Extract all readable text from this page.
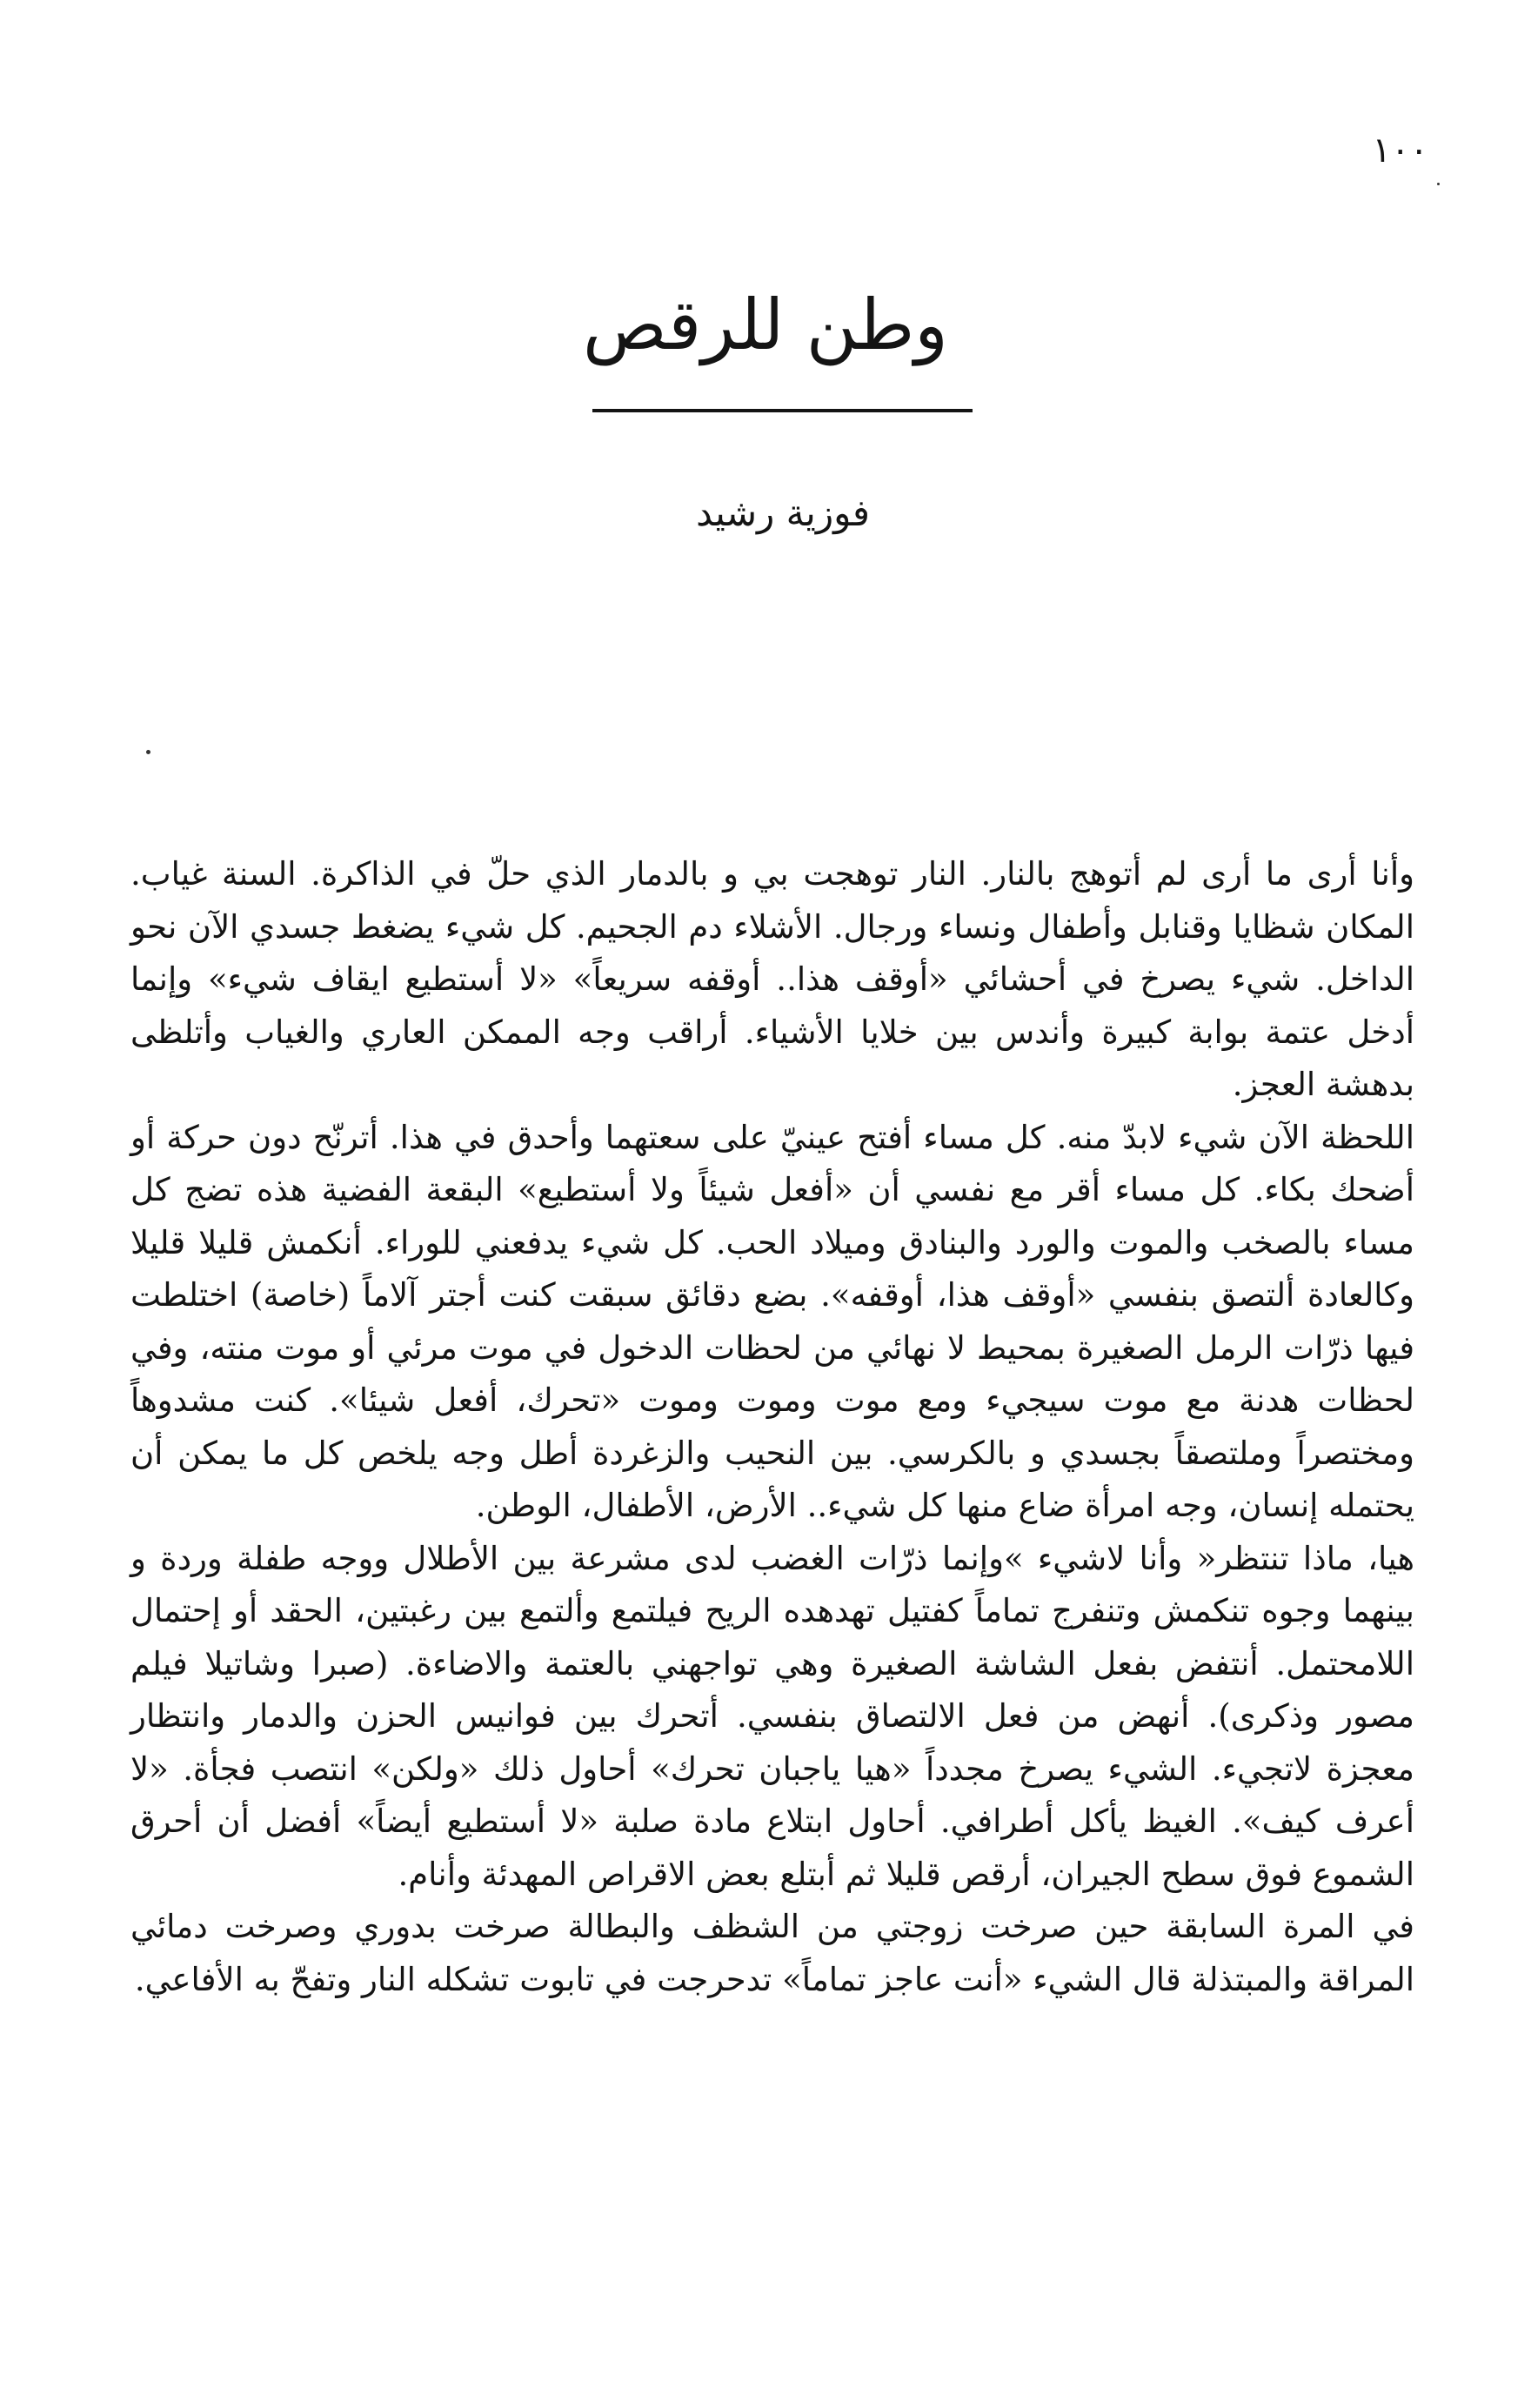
١٠٠
وطن للرقص
فوزية رشيد

وأنا أرى ما أرى لم أتوهج بالنار. النار توهجت بي و بالدمار الذي حلّ في الذاكرة. السنة غياب. المكان شظايا وقنابل وأطفال ونساء ورجال. الأشلاء دم الجحيم. كل شيء يضغط جسدي الآن نحو الداخل. شيء يصرخ في أحشائي «أوقف هذا.. أوقفه سريعاً» «لا أستطيع ايقاف شيء» وإنما أدخل عتمة بوابة كبيرة وأندس بين خلايا الأشياء. أراقب وجه الممكن العاري والغياب وأتلظى بدهشة العجز.

اللحظة الآن شيء لابدّ منه. كل مساء أفتح عينيّ على سعتهما وأحدق في هذا. أترنّح دون حركة أو أضحك بكاء. كل مساء أقر مع نفسي أن «أفعل شيئاً ولا أستطيع» البقعة الفضية هذه تضج كل مساء بالصخب والموت والورد والبنادق وميلاد الحب. كل شيء يدفعني للوراء. أنكمش قليلا قليلا وكالعادة ألتصق بنفسي «أوقف هذا، أوقفه». بضع دقائق سبقت كنت أجتر آلاماً (خاصة) اختلطت فيها ذرّات الرمل الصغيرة بمحيط لا نهائي من لحظات الدخول في موت مرئي أو موت منته، وفي لحظات هدنة مع موت سيجيء ومع موت وموت وموت «تحرك، أفعل شيئا». كنت مشدوهاً ومختصراً وملتصقاً بجسدي و بالكرسي. بين النحيب والزغردة أطل وجه يلخص كل ما يمكن أن يحتمله إنسان، وجه امرأة ضاع منها كل شيء.. الأرض، الأطفال، الوطن.

هيا، ماذا تنتظر« وأنا لاشيء »وإنما ذرّات الغضب لدى مشرعة بين الأطلال ووجه طفلة وردة و بينهما وجوه تنكمش وتنفرج تماماً كفتيل تهدهده الريح فيلتمع وألتمع بين رغبتين، الحقد أو إحتمال اللامحتمل. أنتفض بفعل الشاشة الصغيرة وهي تواجهني بالعتمة والاضاءة. (صبرا وشاتيلا فيلم مصور وذكرى). أنهض من فعل الالتصاق بنفسي. أتحرك بين فوانيس الحزن والدمار وانتظار معجزة لاتجيء. الشيء يصرخ مجدداً «هيا ياجبان تحرك» أحاول ذلك «ولكن» انتصب فجأة. «لا أعرف كيف». الغيظ يأكل أطرافي. أحاول ابتلاع مادة صلبة «لا أستطيع أيضاً» أفضل أن أحرق الشموع فوق سطح الجيران، أرقص قليلا ثم أبتلع بعض الاقراص المهدئة وأنام.

في المرة السابقة حين صرخت زوجتي من الشظف والبطالة صرخت بدوري وصرخت دمائي المراقة والمبتذلة قال الشيء «أنت عاجز تماماً» تدحرجت في تابوت تشكله النار وتفحّ به الأفاعي.
